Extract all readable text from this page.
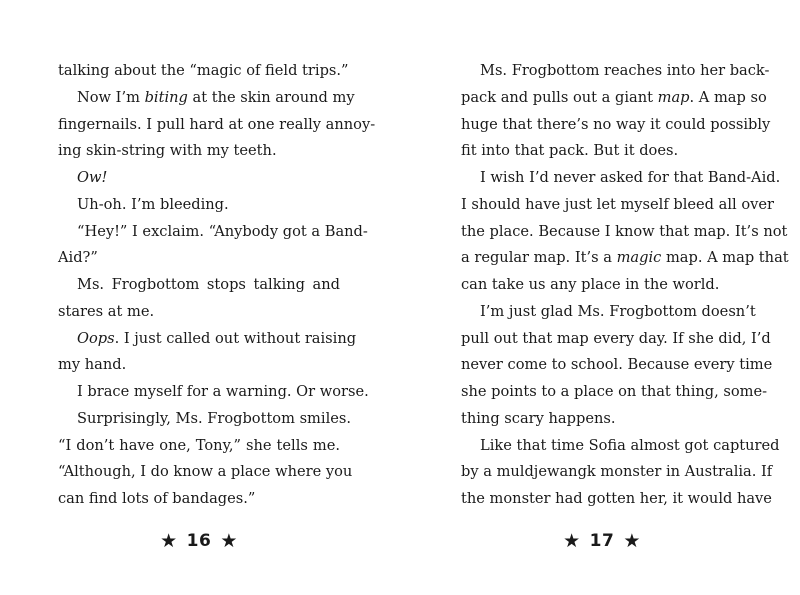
talking about the “magic of field trips.”
Now I’m biting at the skin around my
fingernails. I pull hard at one really annoy-
ing skin-string with my teeth.
Ow!
Uh-oh. I’m bleeding.
“Hey!” I exclaim. “Anybody got a Band-
Aid?”
Ms. Frogbottom stops talking and
stares at me.
Oops. I just called out without raising
my hand.
I brace myself for a warning. Or worse.
Surprisingly, Ms. Frogbottom smiles.
“I don’t have one, Tony,” she tells me.
“Although, I do know a place where you
can find lots of bandages.”
Ms. Frogbottom reaches into her back-
pack and pulls out a giant map. A map so
huge that there’s no way it could possibly
fit into that pack. But it does.
I wish I’d never asked for that Band-Aid.
I should have just let myself bleed all over
the place. Because I know that map. It’s not
a regular map. It’s a magic map. A map that
can take us any place in the world.
I’m just glad Ms. Frogbottom doesn’t
pull out that map every day. If she did, I’d
never come to school. Because every time
she points to a place on that thing, some-
thing scary happens.
Like that time Sofia almost got captured
by a muldjewangk monster in Australia. If
the monster had gotten her, it would have
★ 16 ★	★ 17 ★
